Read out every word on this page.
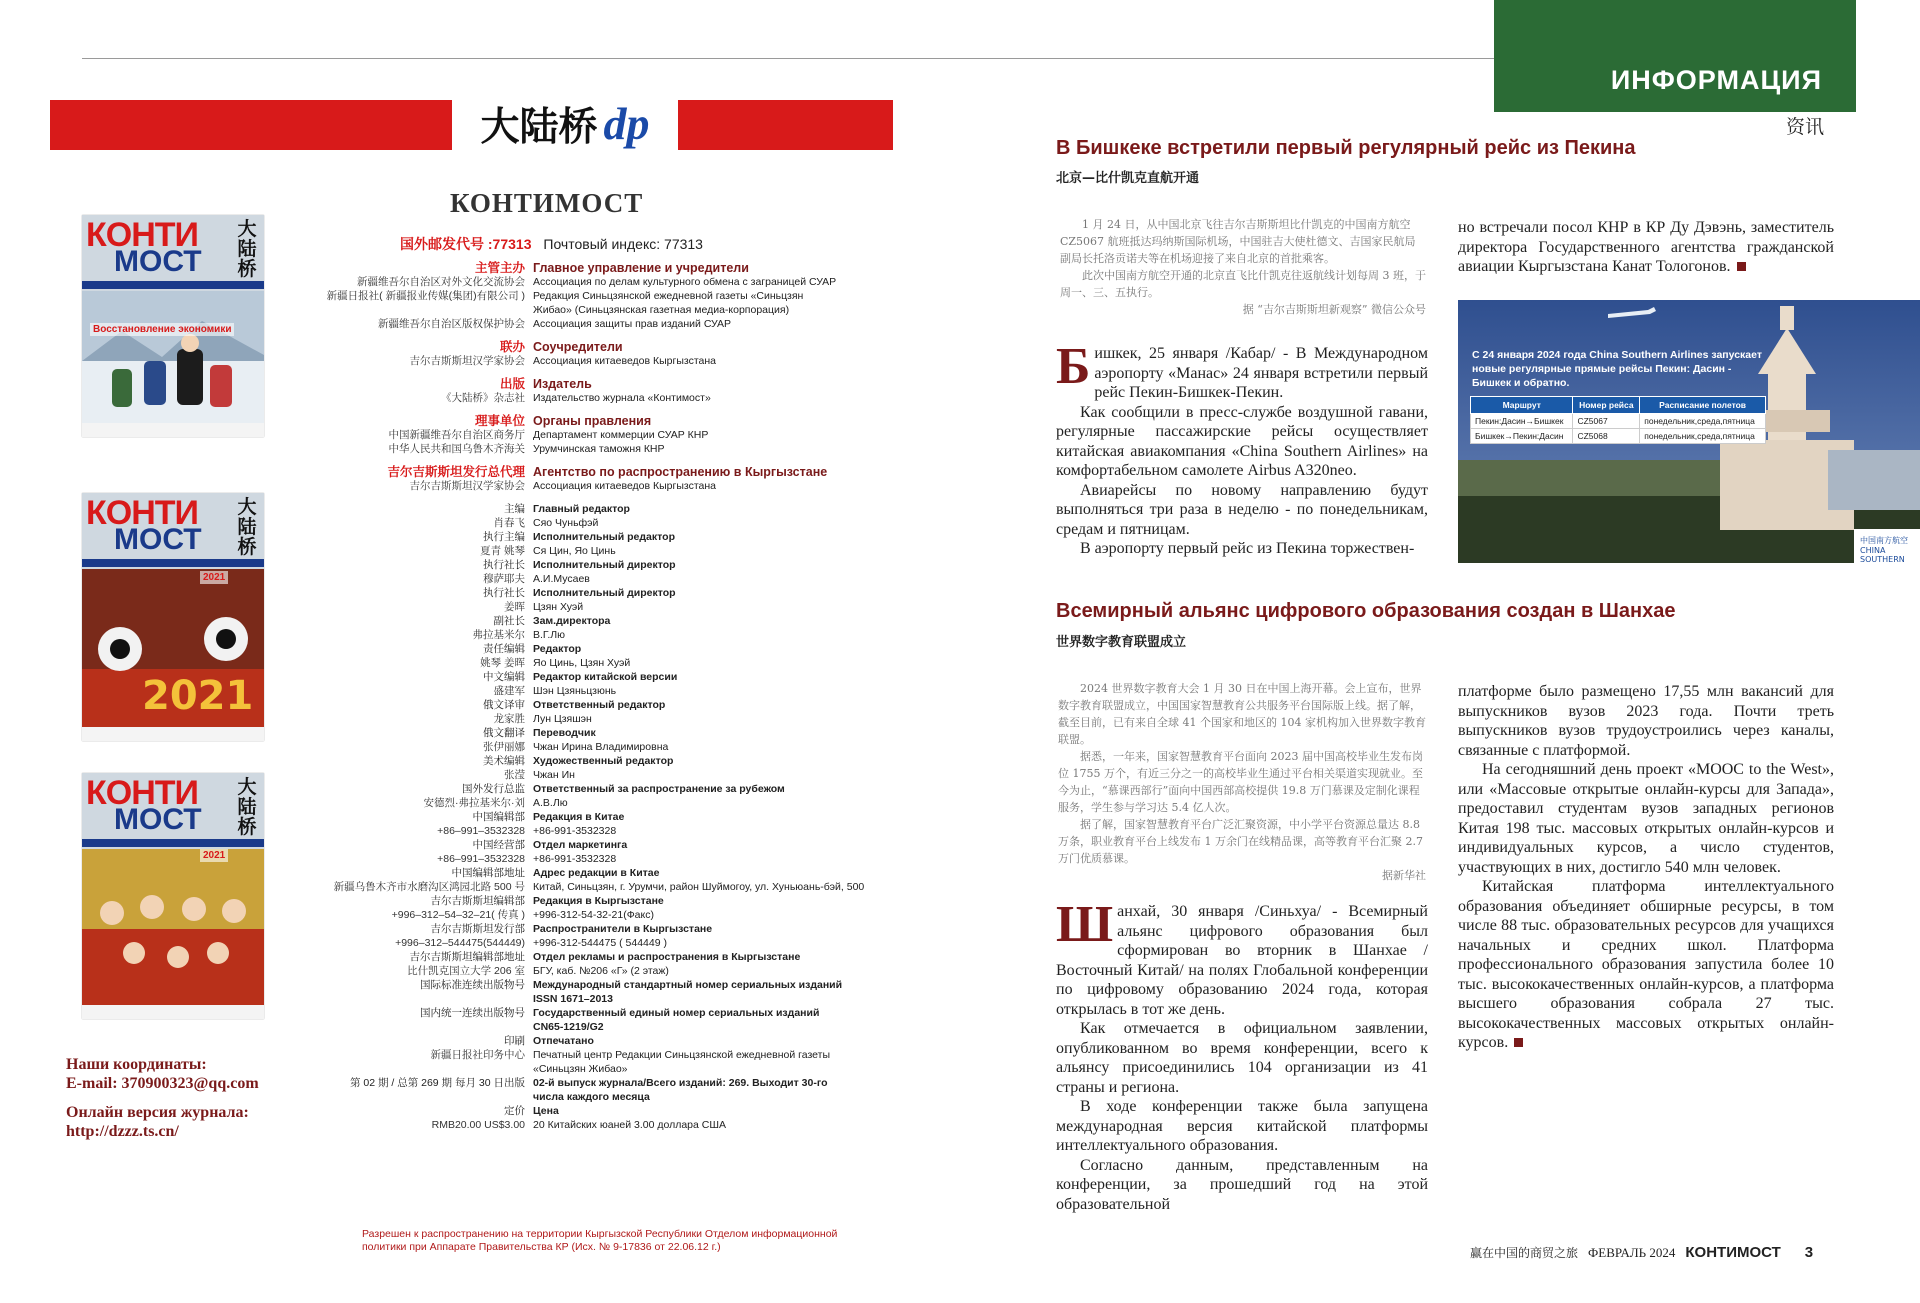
ИНФОРМАЦИЯ
资讯
大陆桥 dp
КОНТИМОСТ
КОНТИ
МОСТ
大陆桥
Восстановление экономики
2021
КОНТИ
МОСТ
大陆桥
2021
КОНТИ
МОСТ
大陆桥
2021
Наши координаты:
E-mail: 370900323@qq.com
Онлайн версия журнала:
http://dzzz.ts.cn/
国外邮发代号 :77313 Почтовый индекс: 77313
主管主办 Главное управление и учредители
新疆维吾尔自治区对外文化交流协会 Ассоциация по делам культурного обмена с заграницей СУАР
新疆日报社( 新疆报业传媒(集团)有限公司 ) Редакция Синьцзянской ежедневной газеты «Синьцзян
Жибао» (Синьцзянская газетная медиа-корпорация)
新疆维吾尔自治区版权保护协会 Ассоциация защиты прав изданий СУАР
联办 Соучредители
吉尔吉斯斯坦汉学家协会 Ассоциация китаеведов Кыргызстана
出版 Издатель
《大陆桥》杂志社 Издательство журнала «Контимост»
理事单位 Органы правления
中国新疆维吾尔自治区商务厅 Департамент коммерции СУАР КНР
中华人民共和国乌鲁木齐海关 Урумчинская таможня КНР
吉尔吉斯斯坦发行总代理 Агентство по распространению в Кыргызстане
吉尔吉斯斯坦汉学家协会 Ассоциация китаеведов Кыргызстана
主编 Главный редактор
肖春飞 Сяо Чуньфэй
执行主编 Исполнительный редактор
夏青 姚琴 Ся Цин, Яо Цинь
执行社长 Исполнительный директор
穆萨耶夫 А.И.Мусаев
执行社长 Исполнительный директор
姜晖 Цзян Хуэй
副社长 Зам.директора
弗拉基米尔 В.Г.Лю
责任编辑 Редактор
姚琴 姜晖 Яо Цинь, Цзян Хуэй
中文编辑 Редактор китайской версии
盛建军 Шэн Цзяньцзюнь
俄文译审 Ответственный редактор
龙家胜 Лун Цзяшэн
俄文翻译 Переводчик
张伊丽娜 Чжан Ирина Владимировна
美术编辑 Художественный редактор
张滢 Чжан Ин
国外发行总监 Ответственный за распространение за рубежом
安德烈·弗拉基米尔·刘 А.В.Лю
中国编辑部 Редакция в Китае
+86–991–3532328 +86-991-3532328
中国经营部 Отдел маркетинга
+86–991–3532328 +86-991-3532328
中国编辑部地址 Адрес редакции в Китае
新疆乌鲁木齐市水磨沟区鸿园北路 500 号 Китай, Синьцзян, г. Урумчи, район Шуймогоу, ул. Хуньюань-бэй, 500
吉尔吉斯斯坦编辑部 Редакция в Кыргызстане
+996–312–54–32–21( 传真 ) +996-312-54-32-21(Факс)
吉尔吉斯斯坦发行部 Распространители в Кыргызстане
+996–312–544475(544449) +996-312-544475 ( 544449 )
吉尔吉斯斯坦编辑部地址 Отдел рекламы и распространения в Кыргызстане
比什凯克国立大学 206 室 БГУ, каб. №206 «Г» (2 этаж)
国际标准连续出版物号 Международный стандартный номер сериальных изданий
ISSN 1671–2013
国内统一连续出版物号 Государственный единый номер сериальных изданий
CN65-1219/G2
印刷 Отпечатано
新疆日报社印务中心 Печатный центр Редакции Синьцзянской ежедневной газеты
«Синьцзян Жибао»
第 02 期 / 总第 269 期 每月 30 日出版 02-й выпуск журнала/Всего изданий: 269. Выходит 30-го
числа каждого месяца
定价 Цена
RMB20.00 US$3.00 20 Китайских юаней 3.00 доллара США
Разрешен к распространению на территории Кыргызской Республики Отделом информационной политики при Аппарате Правительства КР (Исх. № 9-17836 от 22.06.12 г.)
В Бишкеке встретили первый регулярный рейс из Пекина
北京—比什凯克直航开通

1 月 24 日，从中国北京飞往吉尔吉斯斯坦比什凯克的中国南方航空 CZ5067 航班抵达玛纳斯国际机场，中国驻吉大使杜德文、吉国家民航局副局长托洛贡诺夫等在机场迎接了来自北京的首批乘客。

此次中国南方航空开通的北京直飞比什凯克往返航线计划每周 3 班，于周一、三、五执行。

据 “吉尔吉斯斯坦新观察” 微信公众号

Бишкек, 25 января /Кабар/ - В Международном аэропорту «Манас» 24 января встретили первый рейс Пекин-Бишкек-Пекин.

Как сообщили в пресс-службе воздушной гавани, регулярные пассажирские рейсы осуществляет китайская авиакомпания «China Southern Airlines» на комфортабельном самолете Airbus A320neo.

Авиарейсы по новому направлению будут выполняться три раза в неделю - по понедельникам, средам и пятницам.

В аэропорту первый рейс из Пекина торжествен-

но встречали посол КНР в КР Ду Дэвэнь, заместитель директора Государственного агентства гражданской авиации Кыргызстана Канат Тологонов.

С 24 января 2024 года China Southern Airlines запускает новые регулярные прямые рейсы Пекин: Дасин - Бишкек и обратно.
Маршрут	Номер рейса	Расписание полетов
Пекин:Дасин→Бишкек	CZ5067	понедельник,среда,пятница
Бишкек→Пекин:Дасин	CZ5068	понедельник,среда,пятница
中国南方航空 CHINA SOUTHERN
Всемирный альянс цифрового образования создан в Шанхае
世界数字教育联盟成立

2024 世界数字教育大会 1 月 30 日在中国上海开幕。会上宣布，世界数字教育联盟成立，中国国家智慧教育公共服务平台国际版上线。据了解，截至目前，已有来自全球 41 个国家和地区的 104 家机构加入世界数字教育联盟。

据悉，一年来，国家智慧教育平台面向 2023 届中国高校毕业生发布岗位 1755 万个，有近三分之一的高校毕业生通过平台相关渠道实现就业。至今为止，“慕课西部行”面向中国西部高校提供 19.8 万门慕课及定制化课程服务，学生参与学习达 5.4 亿人次。

据了解，国家智慧教育平台广泛汇聚资源，中小学平台资源总量达 8.8 万条，职业教育平台上线发布 1 万余门在线精品课，高等教育平台汇聚 2.7 万门优质慕课。

据新华社

Шанхай, 30 января /Синьхуа/ - Всемирный альянс цифрового образования был сформирован во вторник в Шанхае /Восточный Китай/ на полях Глобальной конференции по цифровому образованию 2024 года, которая открылась в тот же день.

Как отмечается в официальном заявлении, опубликованном во время конференции, всего к альянсу присоединились 104 организации из 41 страны и региона.

В ходе конференции также была запущена международная версия китайской платформы интеллектуального образования.

Согласно данным, представленным на конференции, за прошедший год на этой образовательной

платформе было размещено 17,55 млн вакансий для выпускников вузов 2023 года. Почти треть выпускников вузов трудоустроились через каналы, связанные с платформой.

На сегодняшний день проект «MOOC to the West», или «Массовые открытые онлайн-курсы для Запада», предоставил студентам вузов западных регионов Китая 198 тыс. массовых открытых онлайн-курсов и индивидуальных курсов, а число студентов, участвующих в них, достигло 540 млн человек.

Китайская платформа интеллектуального образования объединяет обширные ресурсы, в том числе 88 тыс. образовательных ресурсов для учащихся начальных и средних школ. Платформа профессионального образования запустила более 10 тыс. высококачественных онлайн-курсов, а платформа высшего образования собрала 27 тыс. высококачественных массовых открытых онлайн-курсов.

赢在中国的商贸之旅 ФЕВРАЛЬ 2024 КОНТИМОСТ 3
